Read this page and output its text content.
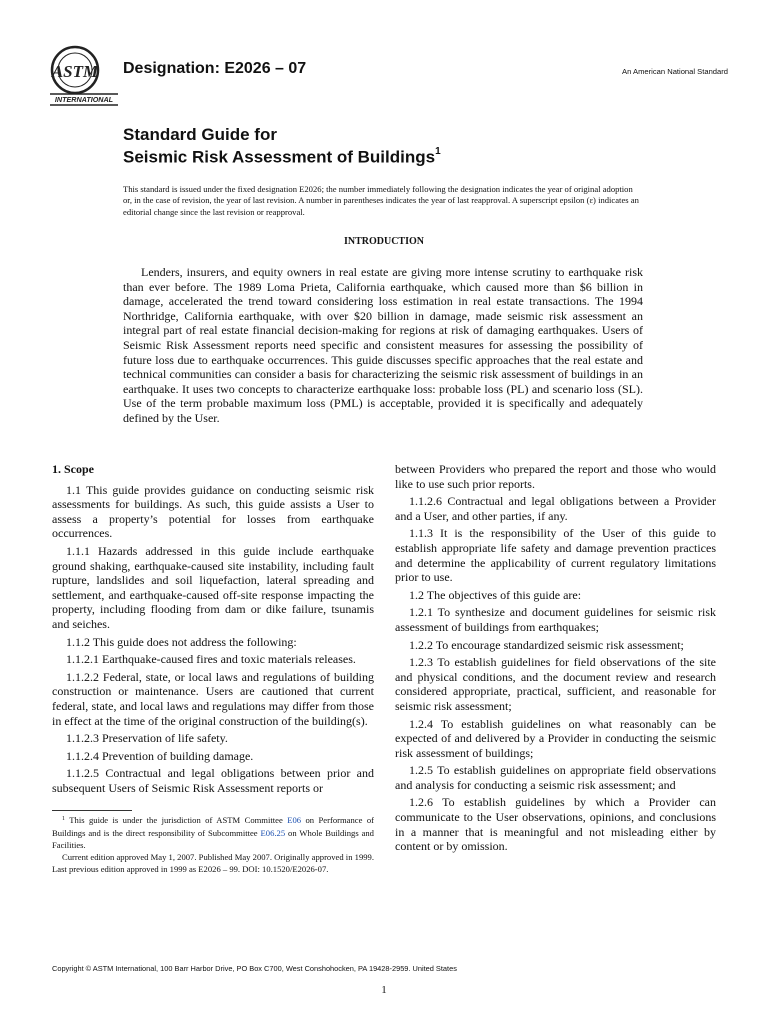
ASTM
INTERNATIONAL
Designation: E2026 – 07	An American National Standard
Standard Guide for
Seismic Risk Assessment of Buildings$^1$
This standard is issued under the fixed designation E2026; the number immediately following the designation indicates the year of original adoption or, in the case of revision, the year of last revision. A number in parentheses indicates the year of last reapproval. A superscript epsilon (ε) indicates an editorial change since the last revision or reapproval.
INTRODUCTION
Lenders, insurers, and equity owners in real estate are giving more intense scrutiny to earthquake risk than ever before. The 1989 Loma Prieta, California earthquake, which caused more than $6 billion in damage, accelerated the trend toward considering loss estimation in real estate transactions. The 1994 Northridge, California earthquake, with over $20 billion in damage, made seismic risk assessment an integral part of real estate financial decision-making for regions at risk of damaging earthquakes. Users of Seismic Risk Assessment reports need specific and consistent measures for assessing the possibility of future loss due to earthquake occurrences. This guide discusses specific approaches that the real estate and technical communities can consider a basis for characterizing the seismic risk assessment of buildings in an earthquake. It uses two concepts to characterize earthquake loss: probable loss (PL) and scenario loss (SL). Use of the term probable maximum loss (PML) is acceptable, provided it is specifically and adequately defined by the User.

1. Scope

1.1 This guide provides guidance on conducting seismic risk assessments for buildings. As such, this guide assists a User to assess a property’s potential for losses from earthquake occurrences.

1.1.1 Hazards addressed in this guide include earthquake ground shaking, earthquake-caused site instability, including fault rupture, landslides and soil liquefaction, lateral spreading and settlement, and earthquake-caused off-site response impacting the property, including flooding from dam or dike failure, tsunamis and seiches.

1.1.2 This guide does not address the following:

1.1.2.1 Earthquake-caused fires and toxic materials releases.

1.1.2.2 Federal, state, or local laws and regulations of building construction or maintenance. Users are cautioned that current federal, state, and local laws and regulations may differ from those in effect at the time of the original construction of the building(s).

1.1.2.3 Preservation of life safety.

1.1.2.4 Prevention of building damage.

1.1.2.5 Contractual and legal obligations between prior and subsequent Users of Seismic Risk Assessment reports or

between Providers who prepared the report and those who would like to use such prior reports.

1.1.2.6 Contractual and legal obligations between a Provider and a User, and other parties, if any.

1.1.3 It is the responsibility of the User of this guide to establish appropriate life safety and damage prevention practices and determine the applicability of current regulatory limitations prior to use.

1.2 The objectives of this guide are:

1.2.1 To synthesize and document guidelines for seismic risk assessment of buildings from earthquakes;

1.2.2 To encourage standardized seismic risk assessment;

1.2.3 To establish guidelines for field observations of the site and physical conditions, and the document review and research considered appropriate, practical, sufficient, and reasonable for seismic risk assessment;

1.2.4 To establish guidelines on what reasonably can be expected of and delivered by a Provider in conducting the seismic risk assessment of buildings;

1.2.5 To establish guidelines on appropriate field observations and analysis for conducting a seismic risk assessment; and

1.2.6 To establish guidelines by which a Provider can communicate to the User observations, opinions, and conclusions in a manner that is meaningful and not misleading either by content or by omission.

$^1$ This guide is under the jurisdiction of ASTM Committee E06 on Performance of Buildings and is the direct responsibility of Subcommittee E06.25 on Whole Buildings and Facilities.

Current edition approved May 1, 2007. Published May 2007. Originally approved in 1999. Last previous edition approved in 1999 as E2026 – 99. DOI: 10.1520/E2026-07.

Copyright © ASTM International, 100 Barr Harbor Drive, PO Box C700, West Conshohocken, PA 19428-2959. United States
1
